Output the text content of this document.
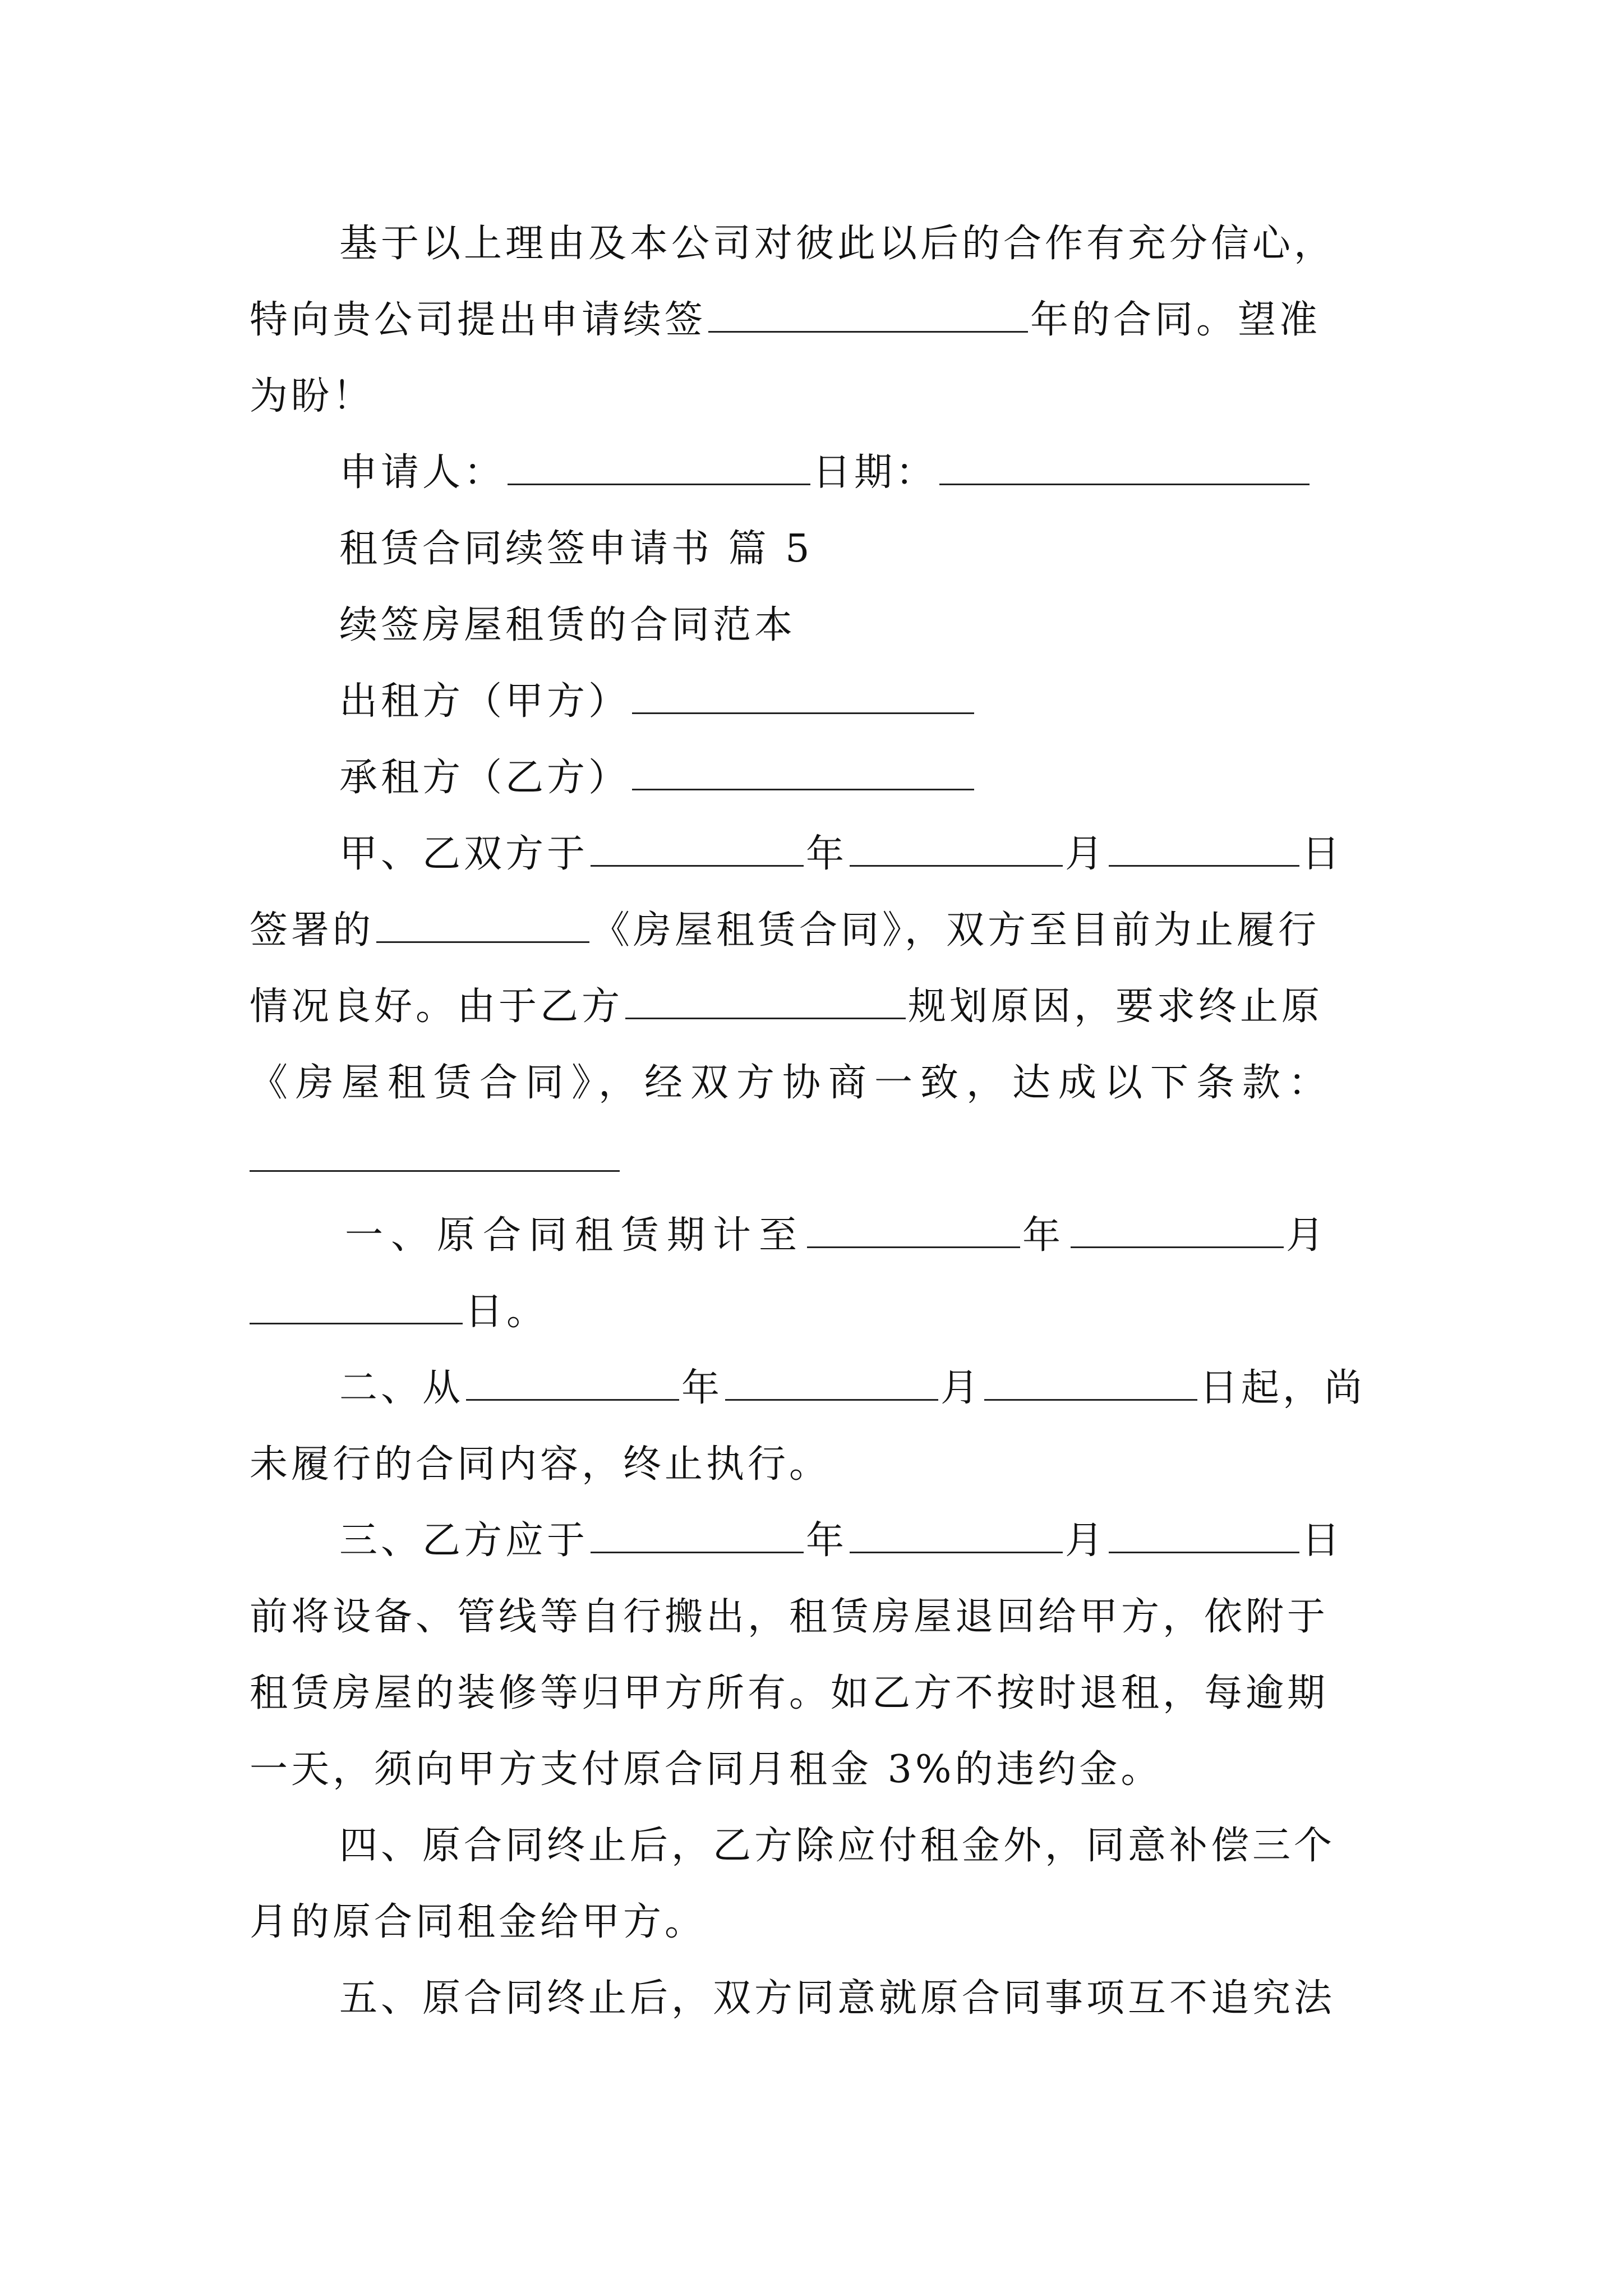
基于以上理由及本公司对彼此以后的合作有充分信心，
特向贵公司提出申请续签	年的合同。望准
为盼！
申请人：	日期：
租赁合同续签申请书 篇 5
续签房屋租赁的合同范本
出租方（甲方）
承租方（乙方）
甲、乙双方于	年	月	日
签署的	《房屋租赁合同》，双方至目前为止履行
情况良好。由于乙方	规划原因，要求终止原
《房屋租赁合同》，经双方协商一致，达成以下条款：
一、原合同租赁期计至	年	月
日。
二、从	年	月	日起，尚
未履行的合同内容，终止执行。
三、乙方应于	年	月	日
前将设备、管线等自行搬出，租赁房屋退回给甲方，依附于
租赁房屋的装修等归甲方所有。如乙方不按时退租，每逾期
一天，须向甲方支付原合同月租金 3%的违约金。
四、原合同终止后，乙方除应付租金外，同意补偿三个
月的原合同租金给甲方。
五、原合同终止后，双方同意就原合同事项互不追究法
